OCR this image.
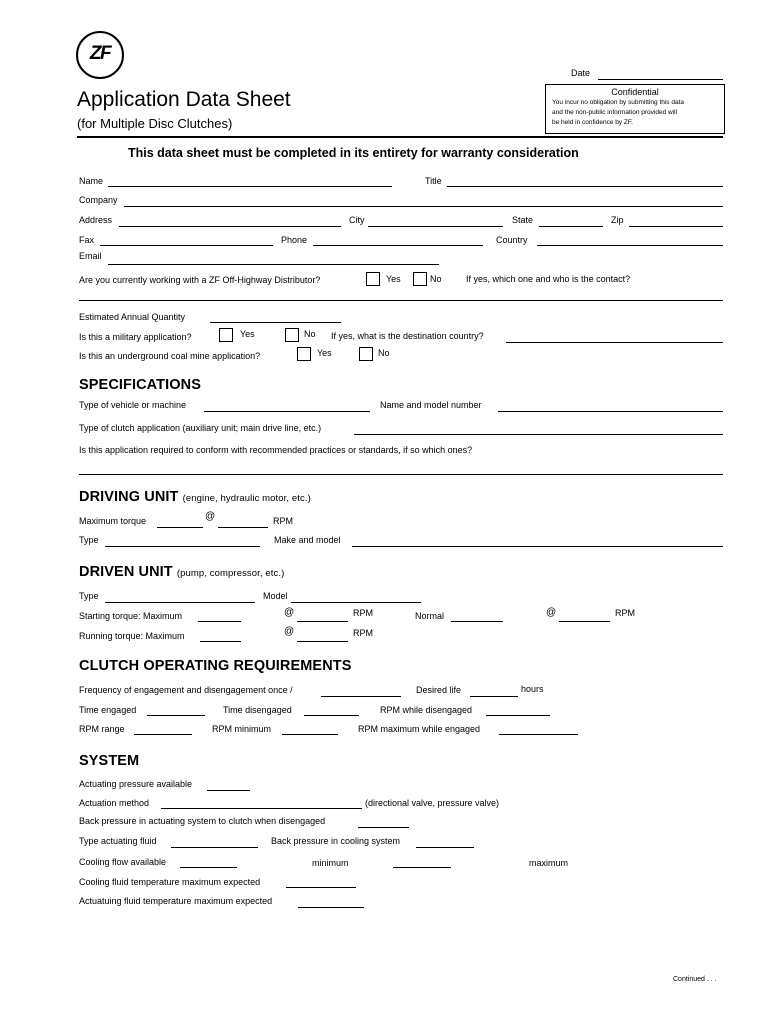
ZF
Application Data Sheet
(for Multiple Disc Clutches)
Date
Confidential
You incur no obligation by submitting this data
and the non-public information provided will
be held in confidence by ZF.
This data sheet must be completed in its entirety for warranty consideration
Name	Title
Company
Address	City	State	Zip
Fax	Phone	Country
Email
Are you currently working with a ZF Off-Highway Distributor?	Yes	No	If yes, which one and who is the contact?
Estimated Annual Quantity
Is this a military application?	Yes	No If yes, what is the destination country?
Is this an underground coal mine application?	Yes	No
SPECIFICATIONS
Type of vehicle or machine	Name and model number
Type of clutch application (auxiliary unit; main drive line, etc.)
Is this application required to conform with recommended practices or standards, if so which ones?
DRIVING UNIT (engine, hydraulic motor, etc.)
Maximum torque	@	RPM
Type	Make and model
DRIVEN UNIT (pump, compressor, etc.)
Type	Model
Starting torque: Maximum	@	RPM	Normal	@	RPM
Running torque: Maximum	@	RPM
CLUTCH OPERATING REQUIREMENTS
Frequency of engagement and disengagement once /	Desired life	hours
Time engaged	Time disengaged	RPM while disengaged
RPM range	RPM minimum	RPM maximum while engaged
SYSTEM
Actuating pressure available
Actuation method	(directional valve, pressure valve)
Back pressure in actuating system to clutch when disengaged
Type actuating fluid	Back pressure in cooling system
Cooling flow available	minimum	maximum
Cooling fluid temperature maximum expected
Actuatuing fluid temperature maximum expected
Continued . . .
